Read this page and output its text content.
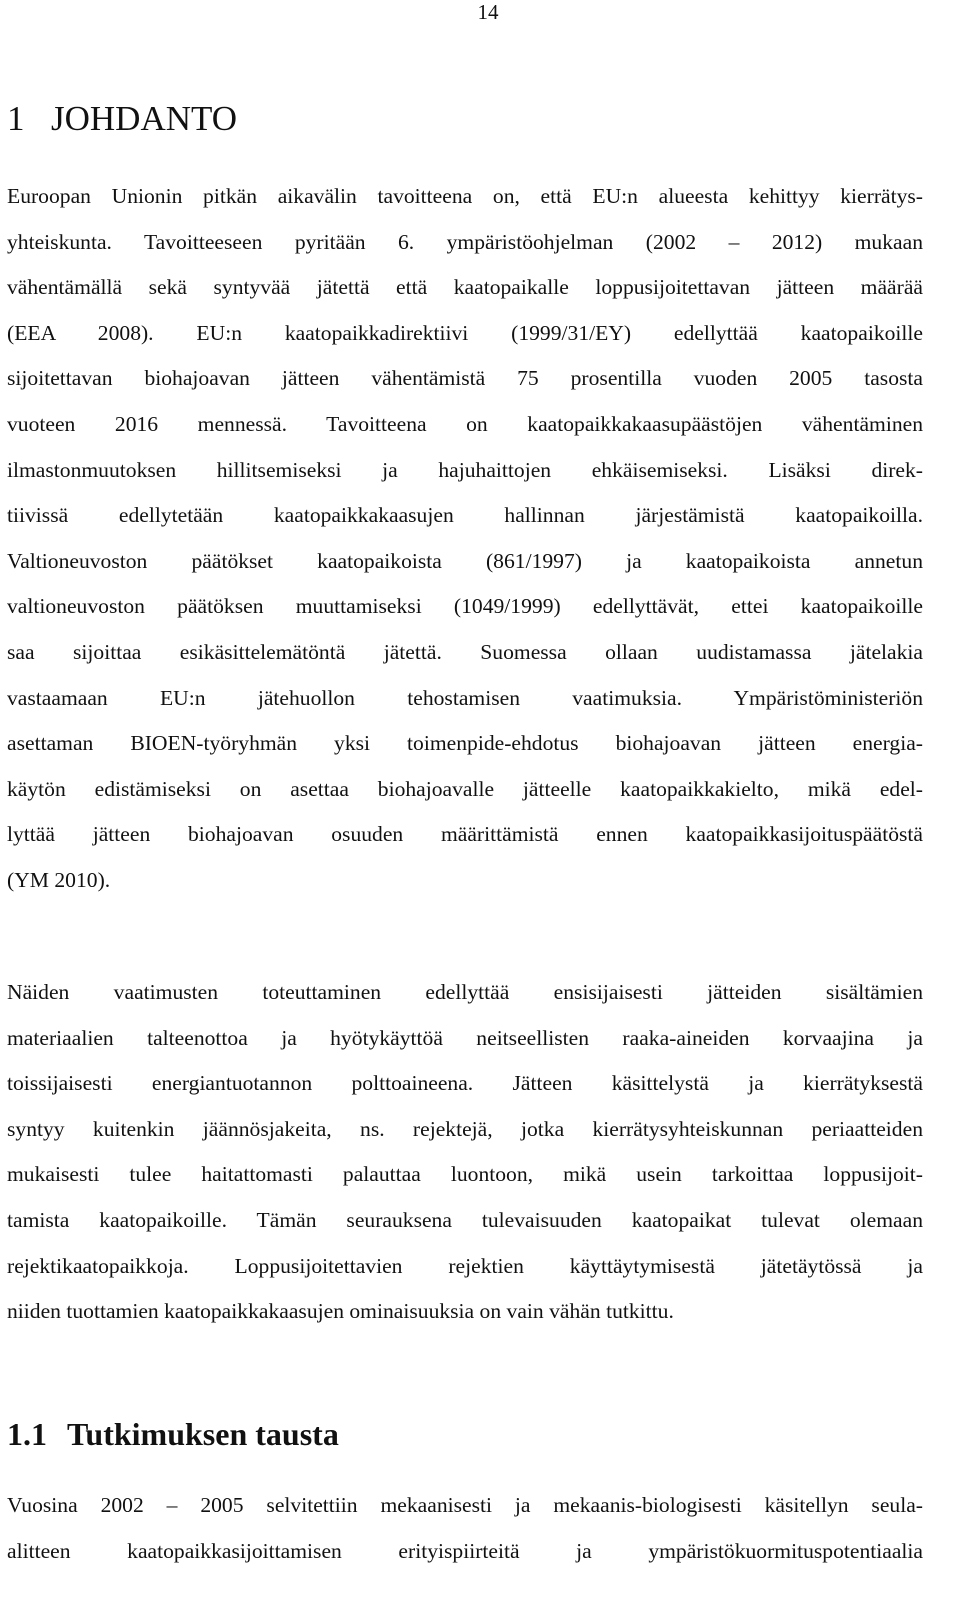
14
1 JOHDANTO
Euroopan Unionin pitkän aikavälin tavoitteena on, että EU:n alueesta kehittyy kierrätys-
yhteiskunta. Tavoitteeseen pyritään 6. ympäristöohjelman (2002 – 2012) mukaan
vähentämällä sekä syntyvää jätettä että kaatopaikalle loppusijoitettavan jätteen määrää
(EEA 2008). EU:n kaatopaikkadirektiivi (1999/31/EY) edellyttää kaatopaikoille
sijoitettavan biohajoavan jätteen vähentämistä 75 prosentilla vuoden 2005 tasosta
vuoteen 2016 mennessä. Tavoitteena on kaatopaikkakaasupäästöjen vähentäminen
ilmastonmuutoksen hillitsemiseksi ja hajuhaittojen ehkäisemiseksi. Lisäksi direk-
tiivissä edellytetään kaatopaikkakaasujen hallinnan järjestämistä kaatopaikoilla.
Valtioneuvoston päätökset kaatopaikoista (861/1997) ja kaatopaikoista annetun
valtioneuvoston päätöksen muuttamiseksi (1049/1999) edellyttävät, ettei kaatopaikoille
saa sijoittaa esikäsittelemätöntä jätettä. Suomessa ollaan uudistamassa jätelakia
vastaamaan EU:n jätehuollon tehostamisen vaatimuksia. Ympäristöministeriön
asettaman BIOEN-työryhmän yksi toimenpide-ehdotus biohajoavan jätteen energia-
käytön edistämiseksi on asettaa biohajoavalle jätteelle kaatopaikkakielto, mikä edel-
lyttää jätteen biohajoavan osuuden määrittämistä ennen kaatopaikkasijoituspäätöstä
(YM 2010).
Näiden vaatimusten toteuttaminen edellyttää ensisijaisesti jätteiden sisältämien
materiaalien talteenottoa ja hyötykäyttöä neitseellisten raaka-aineiden korvaajina ja
toissijaisesti energiantuotannon polttoaineena. Jätteen käsittelystä ja kierrätyksestä
syntyy kuitenkin jäännösjakeita, ns. rejektejä, jotka kierrätysyhteiskunnan periaatteiden
mukaisesti tulee haitattomasti palauttaa luontoon, mikä usein tarkoittaa loppusijoit-
tamista kaatopaikoille. Tämän seurauksena tulevaisuuden kaatopaikat tulevat olemaan
rejektikaatopaikkoja. Loppusijoitettavien rejektien käyttäytymisestä jätetäytössä ja
niiden tuottamien kaatopaikkakaasujen ominaisuuksia on vain vähän tutkittu.
1.1 Tutkimuksen tausta
Vuosina 2002 – 2005 selvitettiin mekaanisesti ja mekaanis-biologisesti käsitellyn seula-
alitteen kaatopaikkasijoittamisen erityispiirteitä ja ympäristökuormituspotentiaalia
